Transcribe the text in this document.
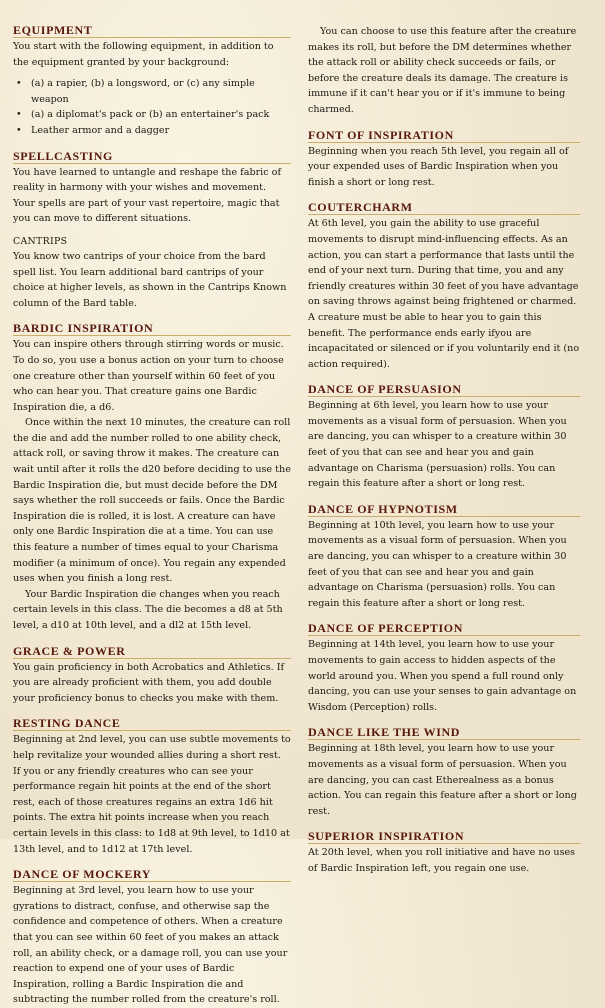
EQUIPMENT

You start with the following equipment, in addition to the equipment granted by your background:

• (a) a rapier, (b) a longsword, or (c) any simple weapon
• (a) a diplomat's pack or (b) an entertainer's pack
• Leather armor and a dagger
SPELLCASTING

You have learned to untangle and reshape the fabric of reality in harmony with your wishes and movement. Your spells are part of your vast repertoire, magic that you can move to different situations.

CANTRIPS

You know two cantrips of your choice from the bard spell list. You learn additional bard cantrips of your choice at higher levels, as shown in the Cantrips Known column of the Bard table.

BARDIC INSPIRATION

You can inspire others through stirring words or music. To do so, you use a bonus action on your turn to choose one creature other than yourself within 60 feet of you who can hear you. That creature gains one Bardic Inspiration die, a d6.

Once within the next 10 minutes, the creature can roll the die and add the number rolled to one ability check, attack roll, or saving throw it makes. The creature can wait until after it rolls the d20 before deciding to use the Bardic Inspiration die, but must decide before the DM says whether the roll succeeds or fails. Once the Bardic Inspiration die is rolled, it is lost. A creature can have only one Bardic Inspiration die at a time. You can use this feature a number of times equal to your Charisma modifier (a minimum of once). You regain any expended uses when you finish a long rest.

Your Bardic Inspiration die changes when you reach certain levels in this class. The die becomes a d8 at 5th level, a d10 at 10th level, and a dl2 at 15th level.

GRACE & POWER

You gain proficiency in both Acrobatics and Athletics. If you are already proficient with them, you add double your proficiency bonus to checks you make with them.

RESTING DANCE

Beginning at 2nd level, you can use subtle movements to help revitalize your wounded allies during a short rest. If you or any friendly creatures who can see your performance regain hit points at the end of the short rest, each of those creatures regains an extra 1d6 hit points. The extra hit points increase when you reach certain levels in this class: to 1d8 at 9th level, to 1d10 at 13th level, and to 1d12 at 17th level.

DANCE OF MOCKERY

Beginning at 3rd level, you learn how to use your gyrations to distract, confuse, and otherwise sap the confidence and competence of others. When a creature that you can see within 60 feet of you makes an attack roll, an ability check, or a damage roll, you can use your reaction to expend one of your uses of Bardic Inspiration, rolling a Bardic Inspiration die and subtracting the number rolled from the creature's roll.

You can choose to use this feature after the creature makes its roll, but before the DM determines whether the attack roll or ability check succeeds or fails, or before the creature deals its damage. The creature is immune if it can't hear you or if it's immune to being charmed.

FONT OF INSPIRATION

Beginning when you reach 5th level, you regain all of your expended uses of Bardic Inspiration when you finish a short or long rest.

COUTERCHARM

At 6th level, you gain the ability to use graceful movements to disrupt mind-influencing effects. As an action, you can start a performance that lasts until the end of your next turn. During that time, you and any friendly creatures within 30 feet of you have advantage on saving throws against being frightened or charmed. A creature must be able to hear you to gain this benefit. The performance ends early ifyou are incapacitated or silenced or if you voluntarily end it (no action required).

DANCE OF PERSUASION

Beginning at 6th level, you learn how to use your movements as a visual form of persuasion. When you are dancing, you can whisper to a creature within 30 feet of you that can see and hear you and gain advantage on Charisma (persuasion) rolls. You can regain this feature after a short or long rest.

DANCE OF HYPNOTISM

Beginning at 10th level, you learn how to use your movements as a visual form of persuasion. When you are dancing, you can whisper to a creature within 30 feet of you that can see and hear you and gain advantage on Charisma (persuasion) rolls. You can regain this feature after a short or long rest.

DANCE OF PERCEPTION

Beginning at 14th level, you learn how to use your movements to gain access to hidden aspects of the world around you. When you spend a full round only dancing, you can use your senses to gain advantage on Wisdom (Perception) rolls.

DANCE LIKE THE WIND

Beginning at 18th level, you learn how to use your movements as a visual form of persuasion. When you are dancing, you can cast Etherealness as a bonus action. You can regain this feature after a short or long rest.

SUPERIOR INSPIRATION

At 20th level, when you roll initiative and have no uses of Bardic Inspiration left, you regain one use.
